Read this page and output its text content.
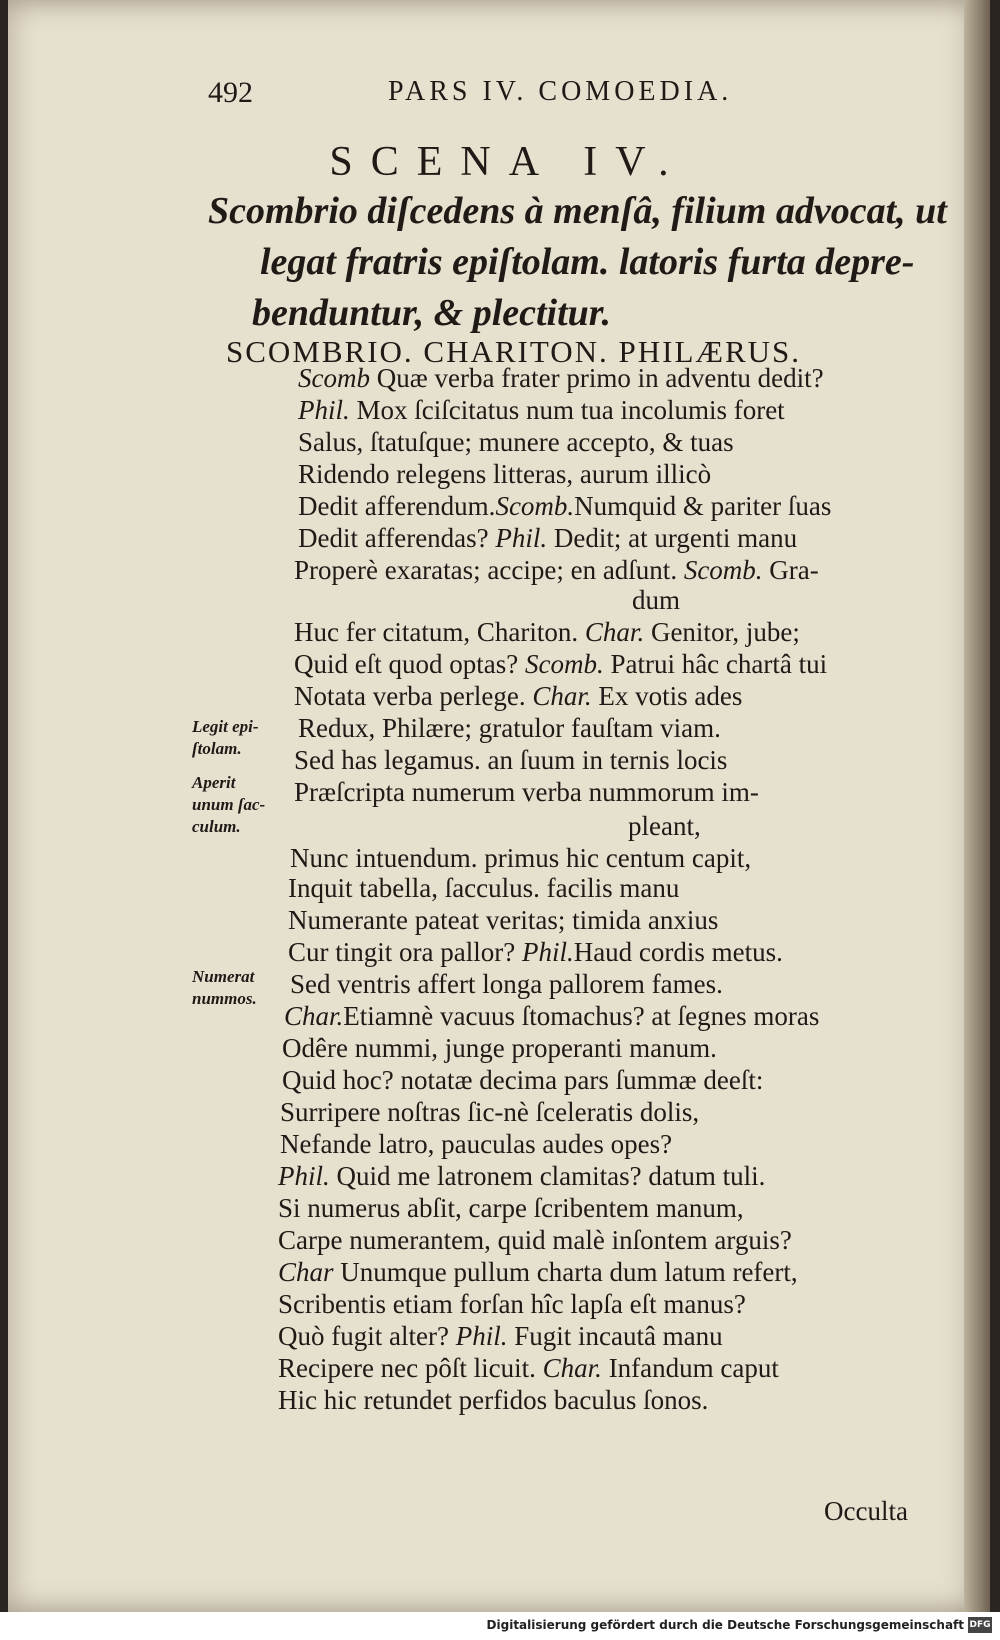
492	PARS IV. COMOEDIA.
SCENA IV.
Scombrio diſcedens à menſâ, filium advocat, ut
legat fratris epiſtolam. latoris furta depre-
benduntur, & plectitur.
SCOMBRIO. CHARITON. PHILÆRUS.
Scomb Quæ verba frater primo in adventu dedit?
Phil. Mox ſciſcitatus num tua incolumis foret
Salus, ſtatuſque; munere accepto, & tuas
Ridendo relegens litteras, aurum illicò
Dedit afferendum.Scomb.Numquid & pariter ſuas
Dedit afferendas? Phil. Dedit; at urgenti manu
Properè exaratas; accipe; en adſunt. Scomb. Gra-
dum
Huc fer citatum, Chariton. Char. Genitor, jube;
Quid eſt quod optas? Scomb. Patrui hâc chartâ tui
Notata verba perlege. Char. Ex votis ades
Redux, Philære; gratulor fauſtam viam.
Sed has legamus. an ſuum in ternis locis
Præſcripta numerum verba nummorum im-
pleant,
Nunc intuendum. primus hic centum capit,
Inquit tabella, ſacculus. facilis manu
Numerante pateat veritas; timida anxius
Cur tingit ora pallor? Phil.Haud cordis metus.
Sed ventris affert longa pallorem fames.
Char.Etiamnè vacuus ſtomachus? at ſegnes moras
Odêre nummi, junge properanti manum.
Quid hoc? notatæ decima pars ſummæ deeſt:
Surripere noſtras ſic-nè ſceleratis dolis,
Nefande latro, pauculas audes opes?
Phil. Quid me latronem clamitas? datum tuli.
Si numerus abſit, carpe ſcribentem manum,
Carpe numerantem, quid malè inſontem arguis?
Char Unumque pullum charta dum latum refert,
Scribentis etiam forſan hîc lapſa eſt manus?
Quò fugit alter? Phil. Fugit incautâ manu
Recipere nec pôſt licuit. Char. Infandum caput
Hic hic retundet perfidos baculus ſonos.
Legit epi-
ſtolam.
Aperit
unum ſac-
culum.
Numerat
nummos.
Occulta
Digitalisierung gefördert durch die Deutsche Forschungsgemeinschaft DFG
